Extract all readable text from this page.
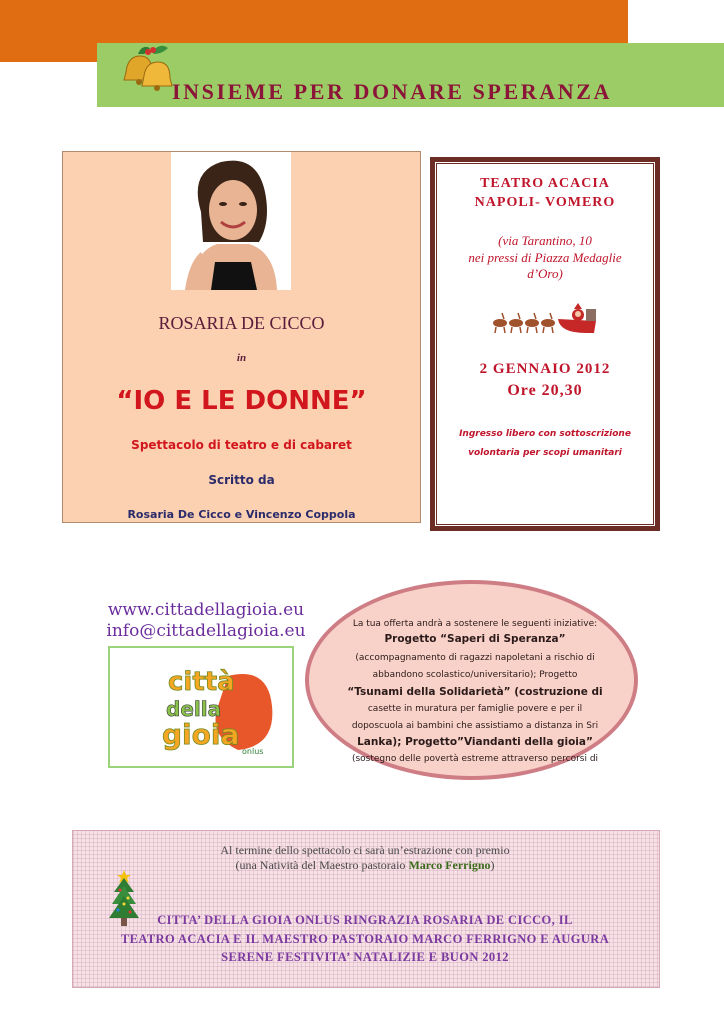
INSIEME PER DONARE SPERANZA
ROSARIA DE CICCO
in
“IO E LE DONNE”
Spettacolo di teatro e di cabaret
Scritto da
Rosaria De Cicco e Vincenzo Coppola
TEATRO ACACIA
NAPOLI- VOMERO
(via Tarantino, 10
nei pressi di Piazza Medaglie
d’Oro)
2 GENNAIO 2012
Ore 20,30
Ingresso libero con sottoscrizione
volontaria per scopi umanitari
www.cittadellagioia.eu
info@cittadellagioia.eu
città
della
gioia
onlus
La tua offerta andrà a sostenere le seguenti iniziative:
Progetto “Saperi di Speranza”
(accompagnamento di ragazzi napoletani a rischio di
abbandono scolastico/universitario); Progetto
“Tsunami della Solidarietà” (costruzione di
casette in muratura per famiglie povere e per il
doposcuola ai bambini che assistiamo a distanza in Sri
Lanka); Progetto”Viandanti della gioia”
(sostegno delle povertà estreme attraverso percorsi di
Al termine dello spettacolo ci sarà un’estrazione con premio
(una Natività del Maestro pastoraio Marco Ferrigno)
CITTA’ DELLA GIOIA ONLUS RINGRAZIA ROSARIA DE CICCO, IL
TEATRO ACACIA E IL MAESTRO PASTORAIO MARCO FERRIGNO E AUGURA
SERENE FESTIVITA’ NATALIZIE E BUON 2012
